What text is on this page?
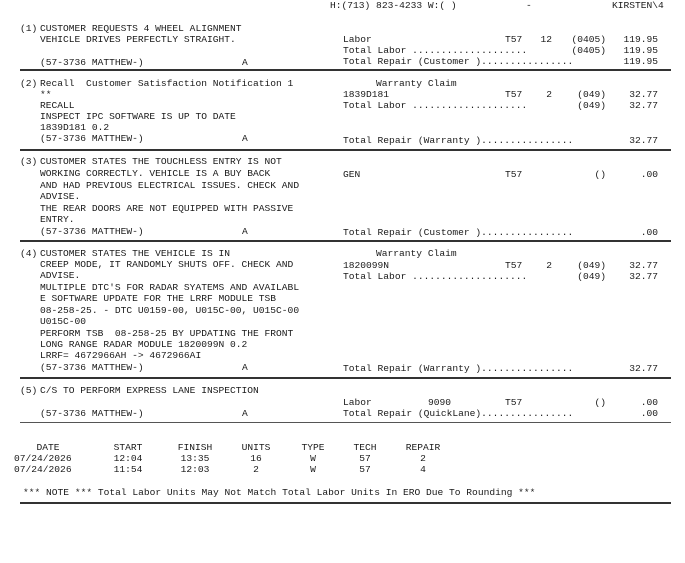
H:(713) 823-4233 W:( )	-	KIRSTEN\4
(1) CUSTOMER REQUESTS 4 WHEEL ALIGNMENT
VEHICLE DRIVES PERFECTLY STRAIGHT.
(57-3736 MATTHEW-)	A
Labor	T57	12	(0405)	119.95
Total Labor ....................	(0405)	119.95
Total Repair (Customer )................	119.95
(2) Recall  Customer Satisfaction Notification 1
**
RECALL
INSPECT IPC SOFTWARE IS UP TO DATE
1839D181 0.2
(57-3736 MATTHEW-)	A
Warranty Claim
1839D181	T57	2	(049)	32.77
Total Labor ....................	(049)	32.77
Total Repair (Warranty )................	32.77
(3) CUSTOMER STATES THE TOUCHLESS ENTRY IS NOT
WORKING CORRECTLY. VEHICLE IS A BUY BACK
AND HAD PREVIOUS ELECTRICAL ISSUES. CHECK AND
ADVISE.
THE REAR DOORS ARE NOT EQUIPPED WITH PASSIVE
ENTRY.
(57-3736 MATTHEW-)	A
GEN	T57	()	.00
Total Repair (Customer )................	.00
(4) CUSTOMER STATES THE VEHICLE IS IN
CREEP MODE, IT RANDOMLY SHUTS OFF. CHECK AND
ADVISE.
MULTIPLE DTC'S FOR RADAR SYATEMS AND AVAILABL
E SOFTWARE UPDATE FOR THE LRRF MODULE TSB
08-258-25. - DTC U0159-00, U015C-00, U015C-00
U015C-00
PERFORM TSB  08-258-25 BY UPDATING THE FRONT
LONG RANGE RADAR MODULE 1820099N 0.2
LRRF= 4672966AH -> 4672966AI
(57-3736 MATTHEW-)	A
Warranty Claim
1820099N	T57	2	(049)	32.77
Total Labor ....................	(049)	32.77
Total Repair (Warranty )................	32.77
(5) C/S TO PERFORM EXPRESS LANE INSPECTION
(57-3736 MATTHEW-)	A
Labor	9090	T57	()	.00
Total Repair (QuickLane)................	.00
DATE	START	FINISH	UNITS	TYPE	TECH	REPAIR
07/24/2026	12:04	13:35	16	W	57	2
07/24/2026	11:54	12:03	2	W	57	4
*** NOTE *** Total Labor Units May Not Match Total Labor Units In ERO Due To Rounding ***
